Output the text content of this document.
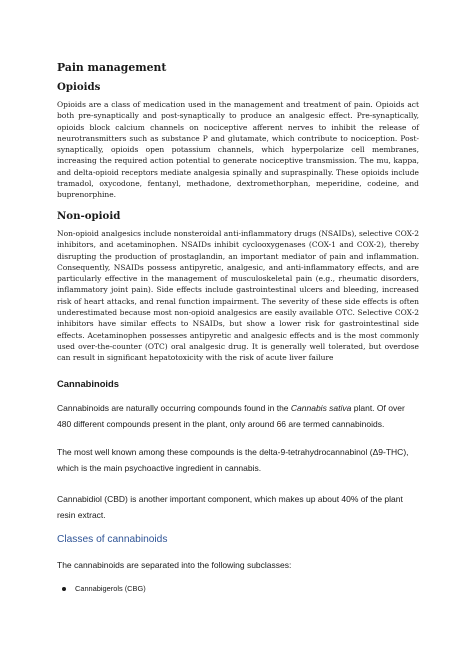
Pain management
Opioids
Opioids are a class of medication used in the management and treatment of pain. Opioids act both pre-synaptically and post-synaptically to produce an analgesic effect. Pre-synaptically, opioids block calcium channels on nociceptive afferent nerves to inhibit the release of neurotransmitters such as substance P and glutamate, which contribute to nociception. Post-synaptically, opioids open potassium channels, which hyperpolarize cell membranes, increasing the required action potential to generate nociceptive transmission. The mu, kappa, and delta-opioid receptors mediate analgesia spinally and supraspinally. These opioids include tramadol, oxycodone, fentanyl, methadone, dextromethorphan, meperidine, codeine, and buprenorphine.
Non-opioid
Non-opioid analgesics include nonsteroidal anti-inflammatory drugs (NSAIDs), selective COX-2 inhibitors, and acetaminophen. NSAIDs inhibit cyclooxygenases (COX-1 and COX-2), thereby disrupting the production of prostaglandin, an important mediator of pain and inflammation. Consequently, NSAIDs possess antipyretic, analgesic, and anti-inflammatory effects, and are particularly effective in the management of musculoskeletal pain (e.g., rheumatic disorders, inflammatory joint pain). Side effects include gastrointestinal ulcers and bleeding, increased risk of heart attacks, and renal function impairment. The severity of these side effects is often underestimated because most non-opioid analgesics are easily available OTC. Selective COX-2 inhibitors have similar effects to NSAIDs, but show a lower risk for gastrointestinal side effects. Acetaminophen possesses antipyretic and analgesic effects and is the most commonly used over-the-counter (OTC) oral analgesic drug. It is generally well tolerated, but overdose can result in significant hepatotoxicity with the risk of acute liver failure
Cannabinoids
Cannabinoids are naturally occurring compounds found in the Cannabis sativa plant. Of over 480 different compounds present in the plant, only around 66 are termed cannabinoids.
The most well known among these compounds is the delta-9-tetrahydrocannabinol (Δ9-THC), which is the main psychoactive ingredient in cannabis.
Cannabidiol (CBD) is another important component, which makes up about 40% of the plant resin extract.
Classes of cannabinoids
The cannabinoids are separated into the following subclasses:
Cannabigerols (CBG)
